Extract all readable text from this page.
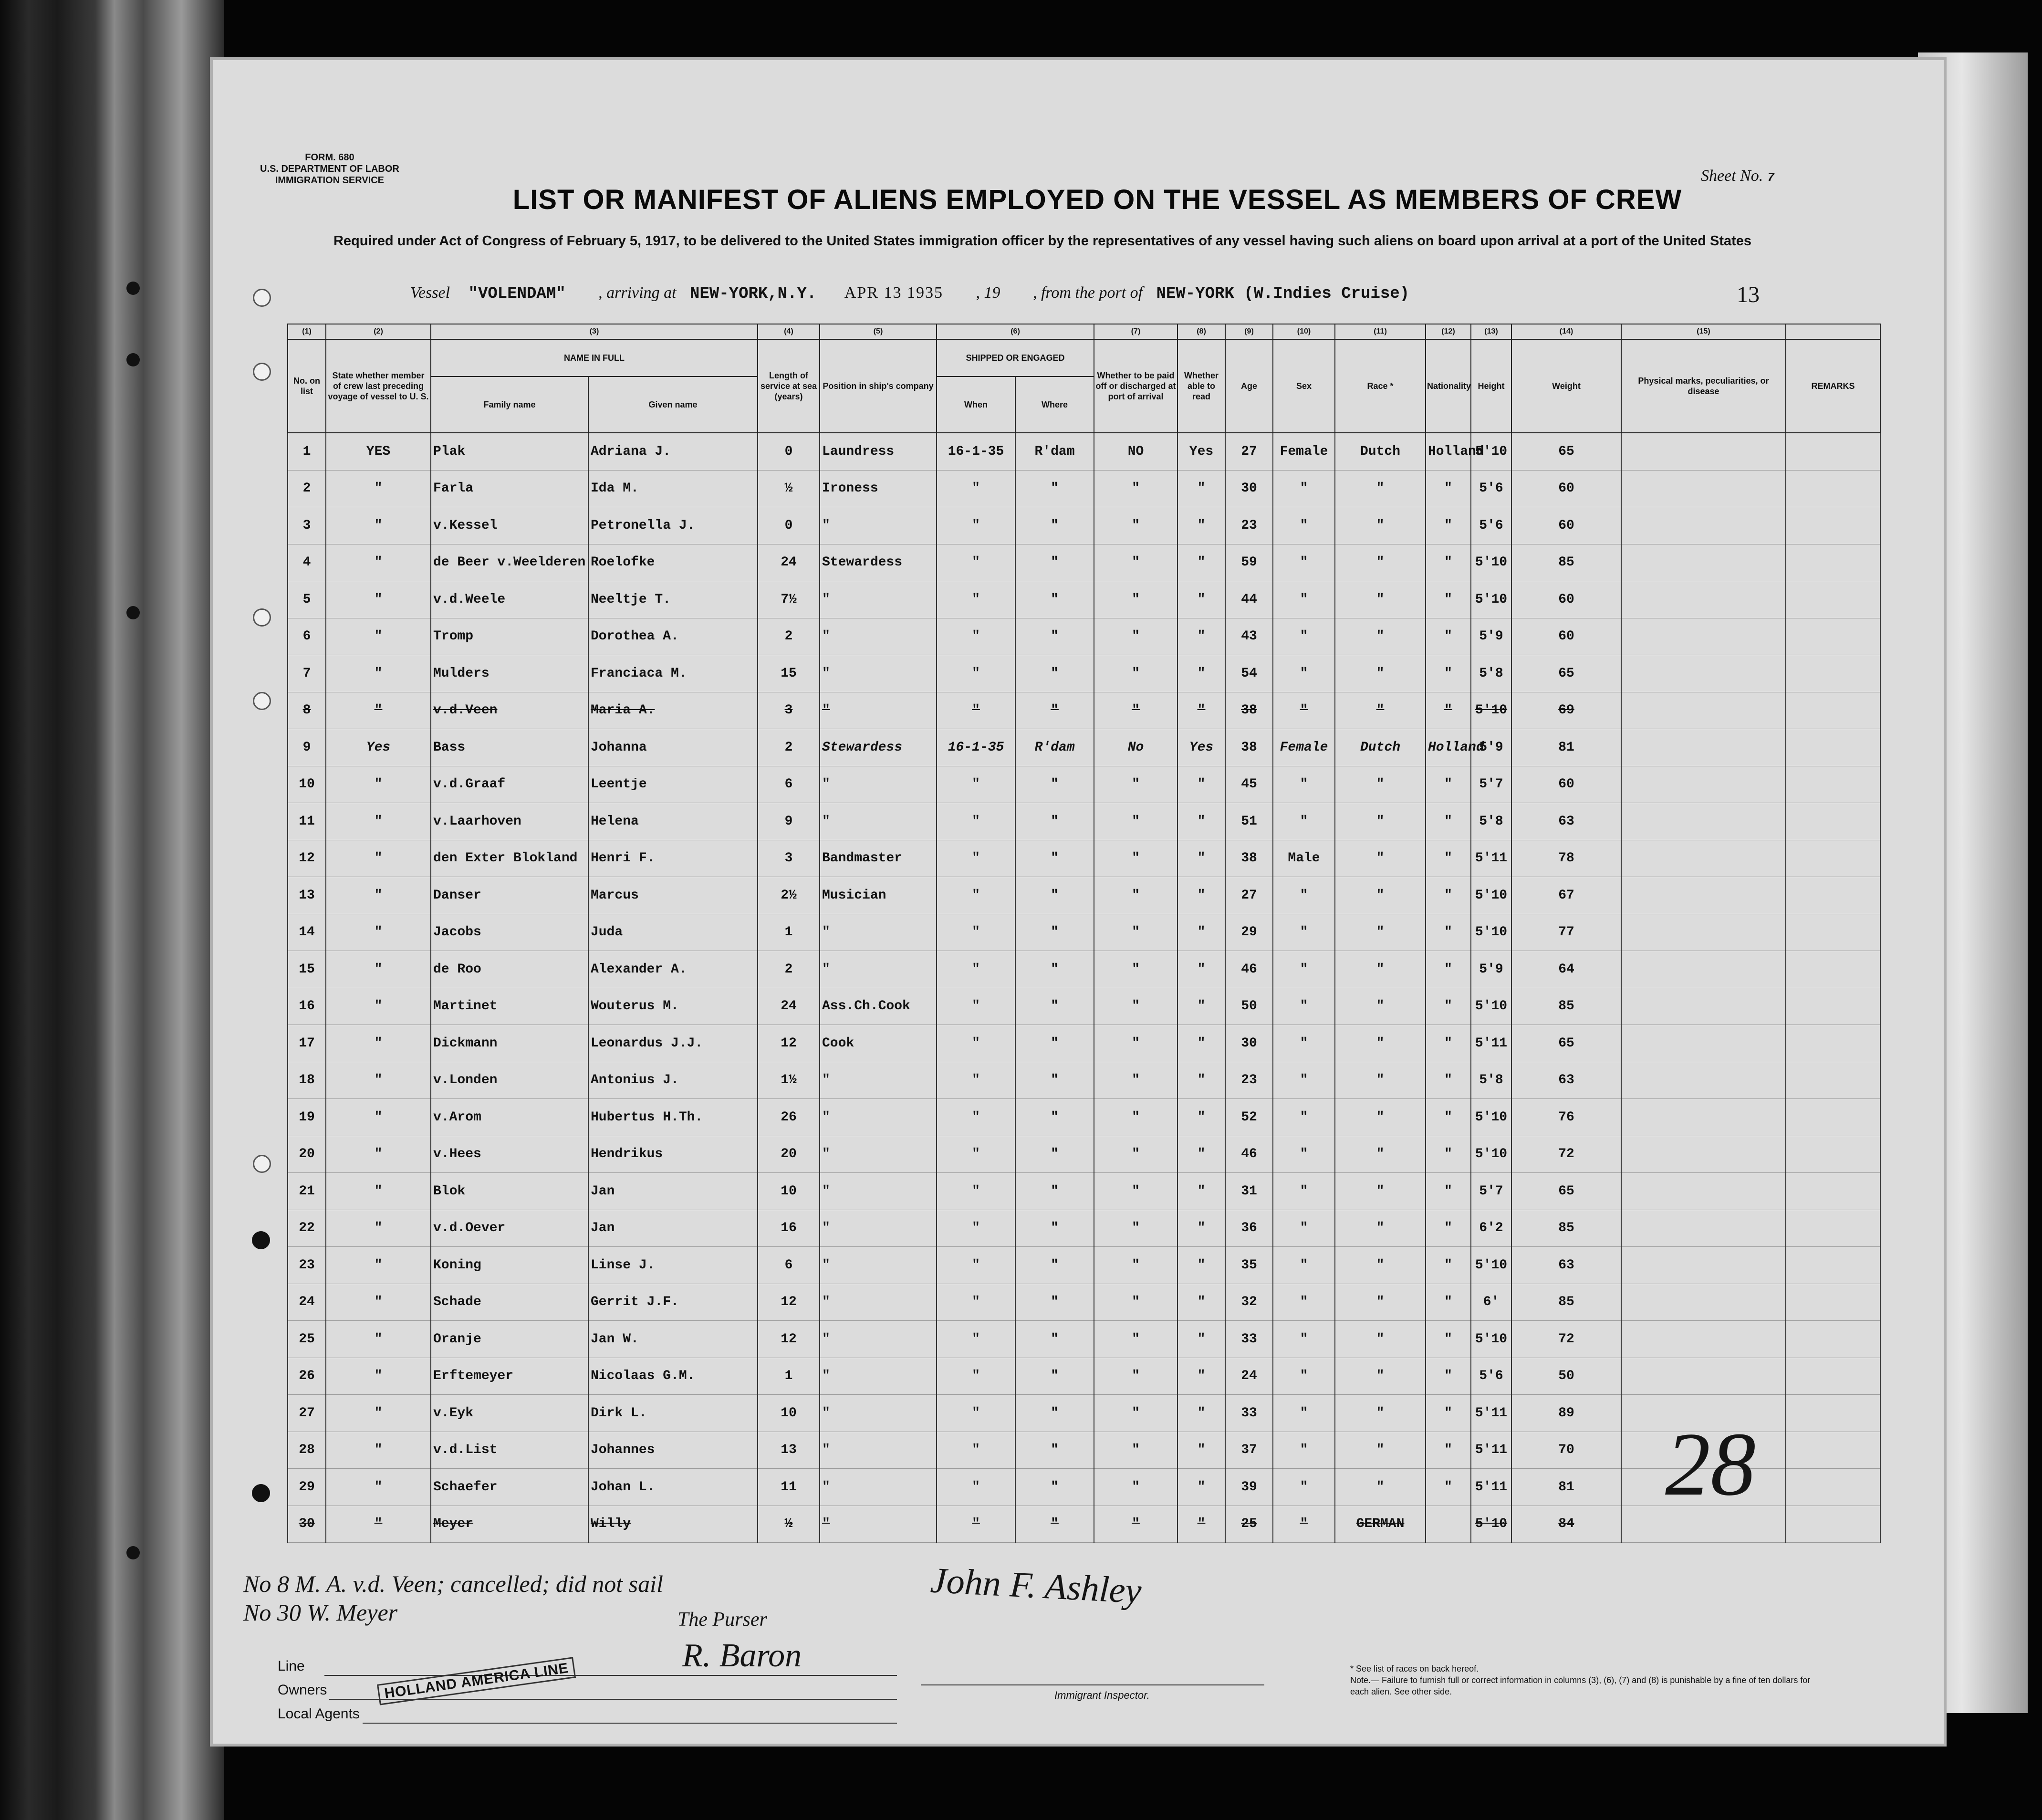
FORM. 680
U.S. DEPARTMENT OF LABOR
IMMIGRATION SERVICE	Sheet No. 7
LIST OR MANIFEST OF ALIENS EMPLOYED ON THE VESSEL AS MEMBERS OF CREW
Required under Act of Congress of February 5, 1917, to be delivered to the United States immigration officer by the representatives of any vessel having such aliens on board upon arrival at a port of the United States
Vessel "VOLENDAM" , arriving at NEW-YORK,N.Y. APR 13 1935 , 19 , from the port of NEW-YORK (W.Indies Cruise)	13
(1)	(2)	(3)		(4)	(5)	(6)		(7)	(8)	(9)	(10)	(11)	(12)	(13)	(14)	(15)	
No. on list	State whether member of crew last preceding voyage of vessel to U. S.	NAME IN FULL		Length of service at sea (years)	Position in ship's company	SHIPPED OR ENGAGED		Whether to be paid off or discharged at port of arrival	Whether able to read	Age	Sex	Race *	Nationality	Height	Weight	Physical marks, peculiarities, or disease	REMARKS
		Family name	Given name			When	Where										
1	YES	Plak	Adriana J.	0	Laundress	16-1-35	R'dam	NO	Yes	27	Female	Dutch	Holland	5'10	65		
2	"	Farla	Ida M.	½	Ironess	"	"	"	"	30	"	"	"	5'6	60		
3	"	v.Kessel	Petronella J.	0	"	"	"	"	"	23	"	"	"	5'6	60		
4	"	de Beer v.Weelderen	Roelofke	24	Stewardess	"	"	"	"	59	"	"	"	5'10	85		
5	"	v.d.Weele	Neeltje T.	7½	"	"	"	"	"	44	"	"	"	5'10	60		
6	"	Tromp	Dorothea A.	2	"	"	"	"	"	43	"	"	"	5'9	60		
7	"	Mulders	Franciaca M.	15	"	"	"	"	"	54	"	"	"	5'8	65		
8	"	v.d.Veen	Maria A.	3	"	"	"	"	"	38	"	"	"	5'10	69		
9	Yes	Bass	Johanna	2	Stewardess	16-1-35	R'dam	No	Yes	38	Female	Dutch	Holland	5'9	81		
10	"	v.d.Graaf	Leentje	6	"	"	"	"	"	45	"	"	"	5'7	60		
11	"	v.Laarhoven	Helena	9	"	"	"	"	"	51	"	"	"	5'8	63		
12	"	den Exter Blokland	Henri F.	3	Bandmaster	"	"	"	"	38	Male	"	"	5'11	78		
13	"	Danser	Marcus	2½	Musician	"	"	"	"	27	"	"	"	5'10	67		
14	"	Jacobs	Juda	1	"	"	"	"	"	29	"	"	"	5'10	77		
15	"	de Roo	Alexander A.	2	"	"	"	"	"	46	"	"	"	5'9	64		
16	"	Martinet	Wouterus M.	24	Ass.Ch.Cook	"	"	"	"	50	"	"	"	5'10	85		
17	"	Dickmann	Leonardus J.J.	12	Cook	"	"	"	"	30	"	"	"	5'11	65		
18	"	v.Londen	Antonius J.	1½	"	"	"	"	"	23	"	"	"	5'8	63		
19	"	v.Arom	Hubertus H.Th.	26	"	"	"	"	"	52	"	"	"	5'10	76		
20	"	v.Hees	Hendrikus	20	"	"	"	"	"	46	"	"	"	5'10	72		
21	"	Blok	Jan	10	"	"	"	"	"	31	"	"	"	5'7	65		
22	"	v.d.Oever	Jan	16	"	"	"	"	"	36	"	"	"	6'2	85		
23	"	Koning	Linse J.	6	"	"	"	"	"	35	"	"	"	5'10	63		
24	"	Schade	Gerrit J.F.	12	"	"	"	"	"	32	"	"	"	6'	85		
25	"	Oranje	Jan W.	12	"	"	"	"	"	33	"	"	"	5'10	72		
26	"	Erftemeyer	Nicolaas G.M.	1	"	"	"	"	"	24	"	"	"	5'6	50		
27	"	v.Eyk	Dirk L.	10	"	"	"	"	"	33	"	"	"	5'11	89		
28	"	v.d.List	Johannes	13	"	"	"	"	"	37	"	"	"	5'11	70		
29	"	Schaefer	Johan L.	11	"	"	"	"	"	39	"	"	"	5'11	81		
30	"	Meyer	Willy	½	"	"	"	"	"	25	"	GERMAN		5'10	84		
No 8 M. A. v.d. Veen; cancelled; did not sail
No 30 W. Meyer
28
The Purser
R. Baron
John F. Ashley
Line
Owners
Local Agents
HOLLAND AMERICA LINE	Immigrant Inspector.
* See list of races on back hereof.
Note.— Failure to furnish full or correct information in columns (3), (6), (7) and (8) is punishable by a fine of ten dollars for each alien. See other side.
